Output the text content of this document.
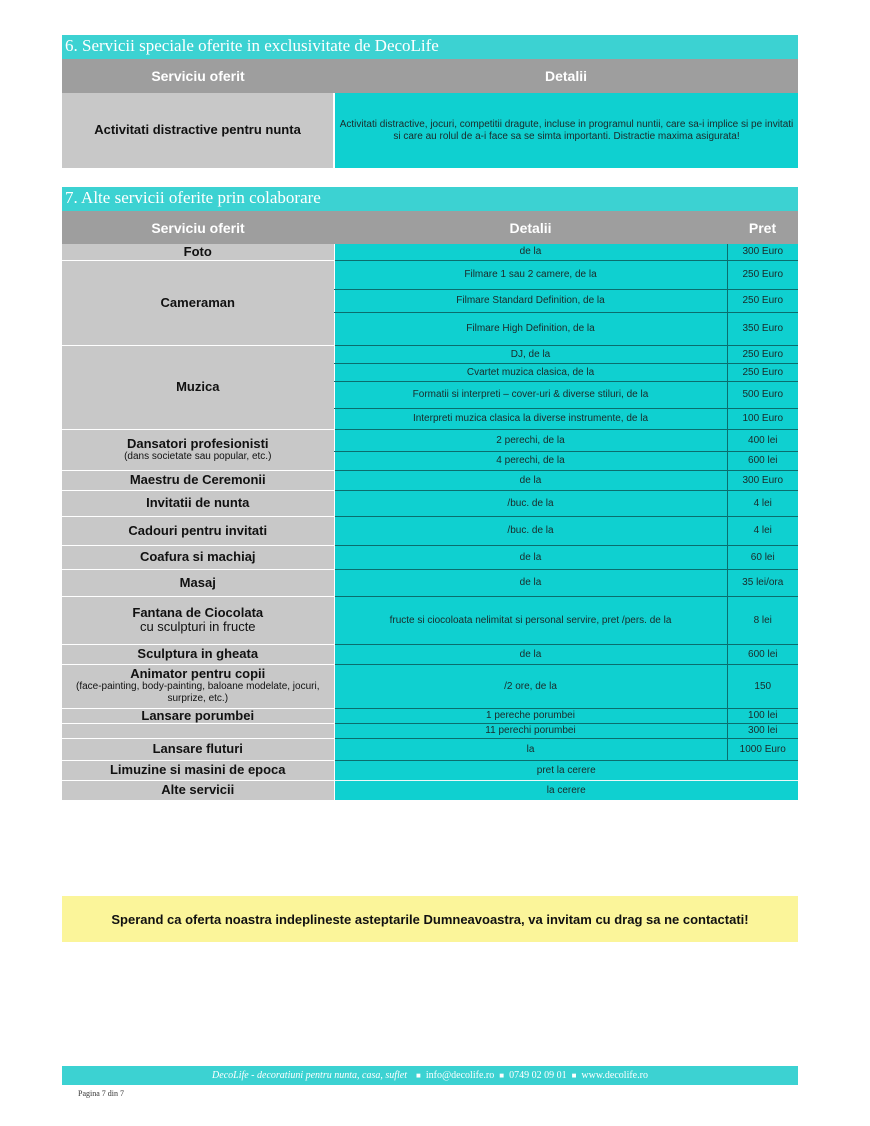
6. Servicii speciale oferite in exclusivitate de DecoLife
Serviciu oferit	Detalii
Activitati distractive pentru nunta	Activitati distractive, jocuri, competitii dragute, incluse in programul nuntii, care sa-i implice si pe invitati si care au rolul de a-i face sa se simta importanti. Distractie maxima asigurata!
7. Alte servicii oferite prin colaborare
Serviciu oferit	Detalii	Pret
Foto	de la	300 Euro
Cameraman	Filmare 1 sau 2 camere, de la	250 Euro
	Filmare Standard Definition, de la	250 Euro
	Filmare High Definition, de la	350 Euro
Muzica	DJ, de la	250 Euro
	Cvartet muzica clasica, de la	250 Euro
	Formatii si interpreti – cover-uri & diverse stiluri, de la	500 Euro
	Interpreti muzica clasica la diverse instrumente, de la	100 Euro
Dansatori profesionisti
(dans societate sau popular, etc.)	2 perechi, de la	400 lei
	4 perechi, de la	600 lei
Maestru de Ceremonii	de la	300 Euro
Invitatii de nunta	/buc. de la	4 lei
Cadouri pentru invitati	/buc. de la	4 lei
Coafura si machiaj	de la	60 lei
Masaj	de la	35 lei/ora
Fantana de Ciocolata
cu sculpturi in fructe	fructe si ciocoloata nelimitat si personal servire, pret /pers. de la	8 lei
Sculptura in gheata	de la	600 lei
Animator pentru copii
(face-painting, body-painting, baloane modelate, jocuri, surprize, etc.)	/2 ore, de la	150
Lansare porumbei	1 pereche porumbei	100 lei
	11 perechi porumbei	300 lei
Lansare fluturi	la	1000 Euro
Limuzine si masini de epoca	pret la cerere	
Alte servicii	la cerere	
Sperand ca oferta noastra indeplineste asteptarile Dumneavoastra, va invitam cu drag sa ne contactati!
DecoLife - decoratiuni pentru nunta, casa, suflet ■ info@decolife.ro ■ 0749 02 09 01 ■ www.decolife.ro
Pagina 7 din 7
